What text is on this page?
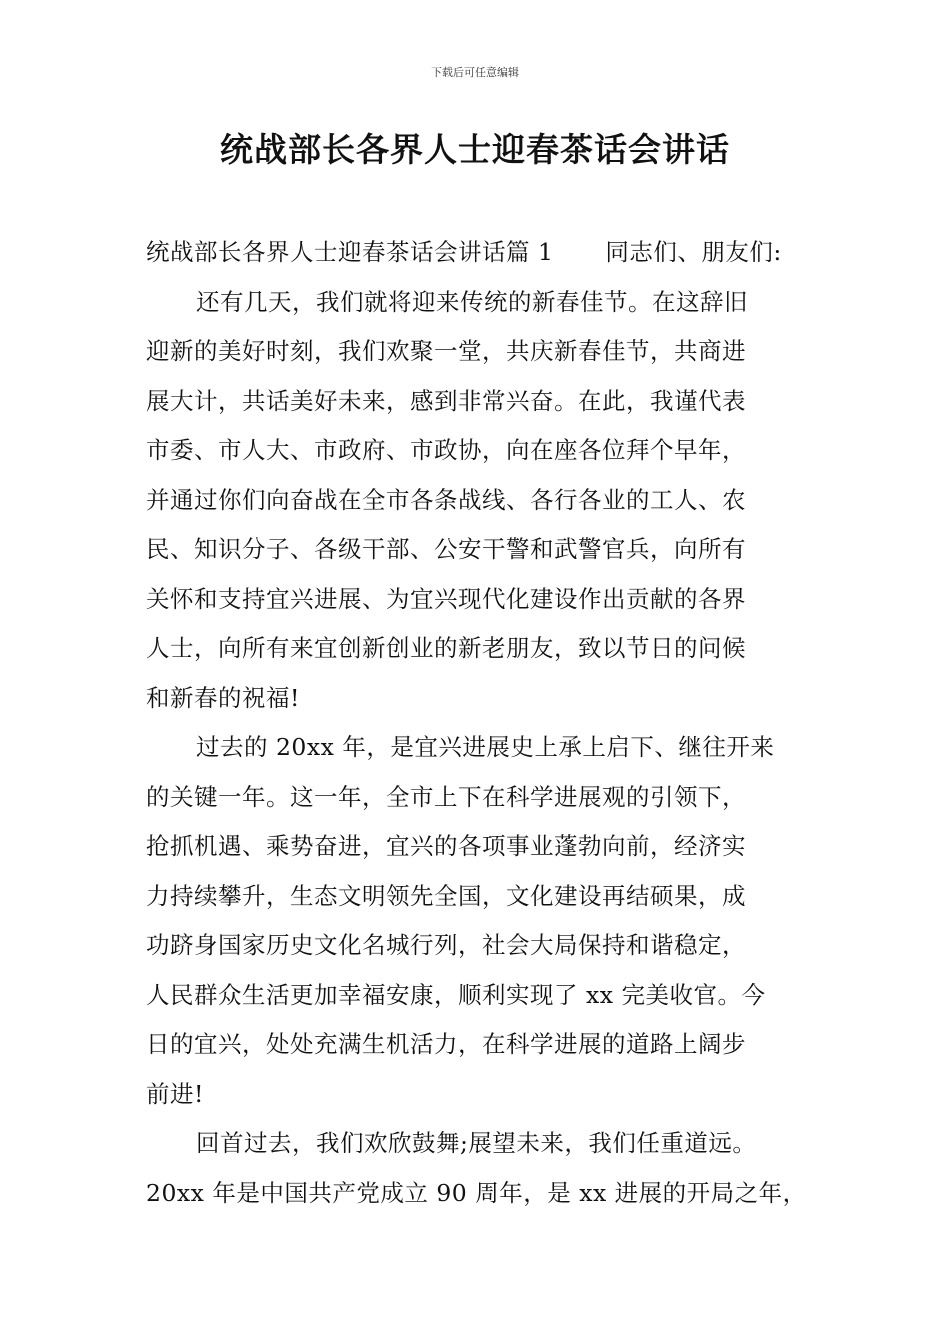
下载后可任意编辑
统战部长各界人士迎春茶话会讲话
统战部长各界人士迎春茶话会讲话篇 1 同志们、朋友们:
还有几天，我们就将迎来传统的新春佳节。在这辞旧
迎新的美好时刻，我们欢聚一堂，共庆新春佳节，共商进
展大计，共话美好未来，感到非常兴奋。在此，我谨代表
市委、市人大、市政府、市政协，向在座各位拜个早年，
并通过你们向奋战在全市各条战线、各行各业的工人、农
民、知识分子、各级干部、公安干警和武警官兵，向所有
关怀和支持宜兴进展、为宜兴现代化建设作出贡献的各界
人士，向所有来宜创新创业的新老朋友，致以节日的问候
和新春的祝福!
过去的 20xx 年，是宜兴进展史上承上启下、继往开来
的关键一年。这一年，全市上下在科学进展观的引领下，
抢抓机遇、乘势奋进，宜兴的各项事业蓬勃向前，经济实
力持续攀升，生态文明领先全国，文化建设再结硕果，成
功跻身国家历史文化名城行列，社会大局保持和谐稳定，
人民群众生活更加幸福安康，顺利实现了 xx 完美收官。今
日的宜兴，处处充满生机活力，在科学进展的道路上阔步
前进!
回首过去，我们欢欣鼓舞;展望未来，我们任重道远。
20xx 年是中国共产党成立 90 周年，是 xx 进展的开局之年，
